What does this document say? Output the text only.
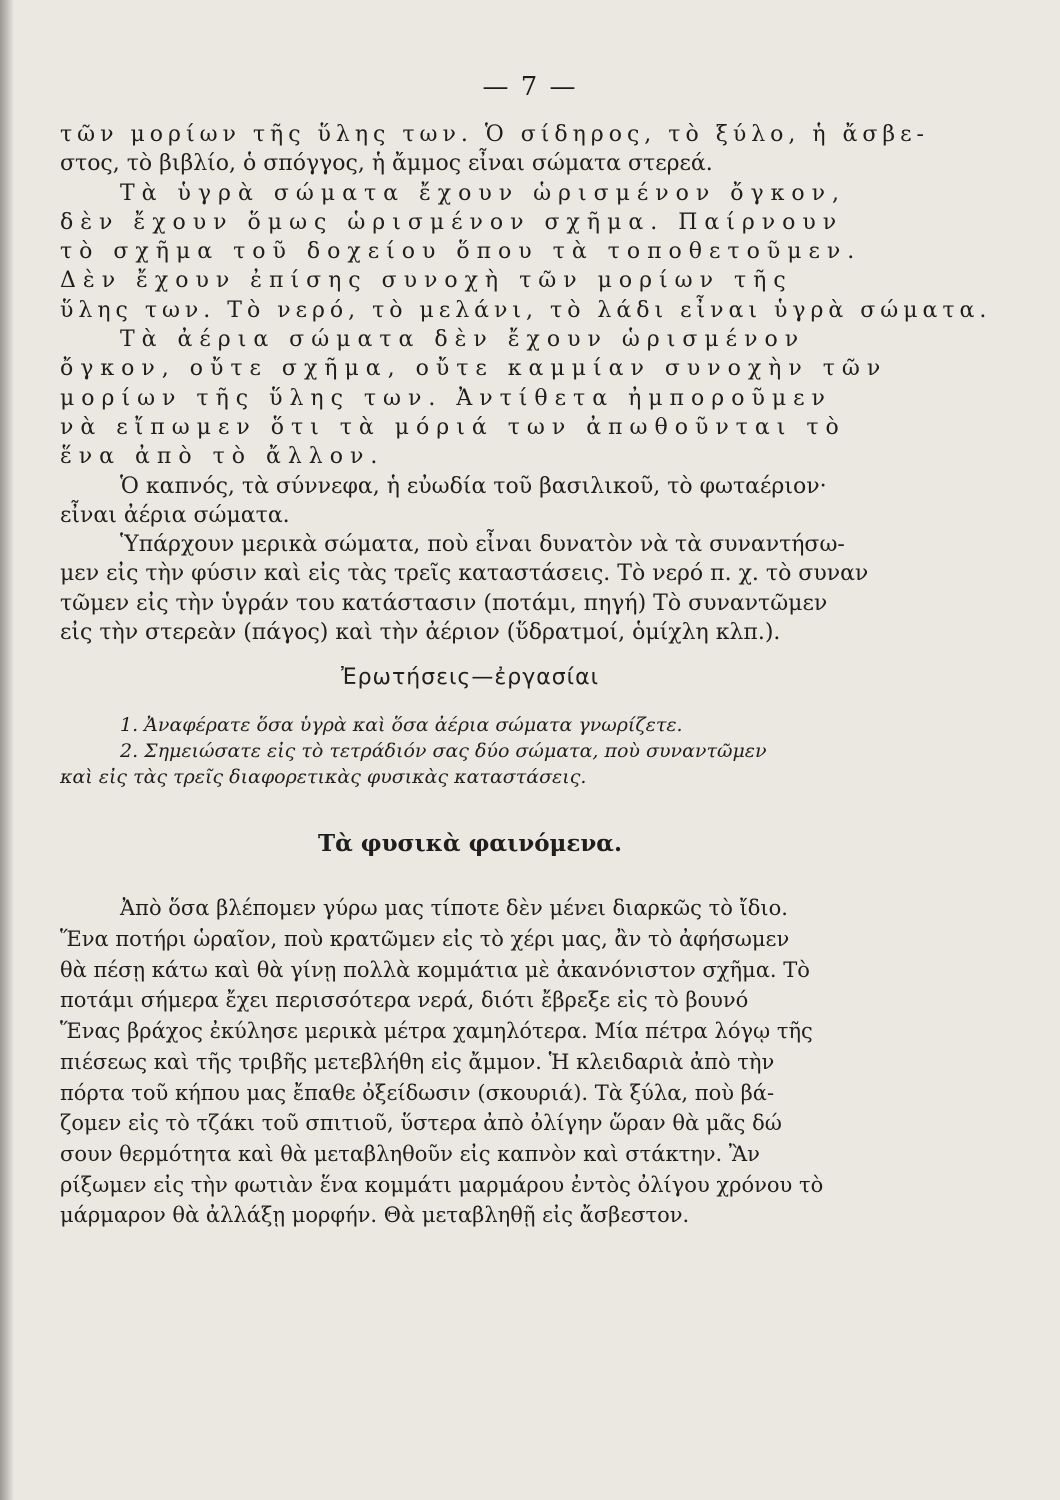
— 7 —
τῶν μορίων τῆς ὕλης των. Ὁ σίδηρος, τὸ ξύλο, ἡ ἄσβε-
στος, τὸ βιβλίο, ὁ σπόγγος, ἡ ἄμμος εἶναι σώματα στερεά.
Τὰ ὑγρὰ σώματα ἔχουν ὡρισμένον ὄγκον,
δὲν ἔχουν ὅμως ὡρισμένον σχῆμα. Παίρνουν
τὸ σχῆμα τοῦ δοχείου ὅπου τὰ τοποθετοῦμεν.
Δὲν ἔχουν ἐπίσης συνοχὴ τῶν μορίων τῆς
ὕλης των. Τὸ νερό, τὸ μελάνι, τὸ λάδι εἶναι ὑγρὰ σώματα.
Τὰ ἀέρια σώματα δὲν ἔχουν ὡρισμένον
ὄγκον, οὔτε σχῆμα, οὔτε καμμίαν συνοχὴν τῶν
μορίων τῆς ὕλης των. Ἀντίθετα ἠμποροῦμεν
νὰ εἴπωμεν ὅτι τὰ μόριά των ἀπωθοῦνται τὸ
ἕνα ἀπὸ τὸ ἄλλον.
Ὁ καπνός, τὰ σύννεφα, ἡ εὐωδία τοῦ βασιλικοῦ, τὸ φωταέριον·
εἶναι ἀέρια σώματα.
Ὑπάρχουν μερικὰ σώματα, ποὺ εἶναι δυνατὸν νὰ τὰ συναντήσω-
μεν εἰς τὴν φύσιν καὶ εἰς τὰς τρεῖς καταστάσεις. Τὸ νερό π. χ. τὸ συναν
τῶμεν εἰς τὴν ὑγράν του κατάστασιν (ποτάμι, πηγή) Τὸ συναντῶμεν
εἰς τὴν στερεὰν (πάγος) καὶ τὴν ἀέριον (ὕδρατμοί, ὁμίχλη κλπ.).
Ἐρωτήσεις—ἐργασίαι
1. Ἀναφέρατε ὅσα ὑγρὰ καὶ ὅσα ἀέρια σώματα γνωρίζετε.
2. Σημειώσατε εἰς τὸ τετράδιόν σας δύο σώματα, ποὺ συναντῶμεν
καὶ εἰς τὰς τρεῖς διαφορετικὰς φυσικὰς καταστάσεις.
Τὰ φυσικὰ φαινόμενα.
Ἀπὸ ὅσα βλέπομεν γύρω μας τίποτε δὲν μένει διαρκῶς τὸ ἴδιο.
Ἕνα ποτήρι ὡραῖον, ποὺ κρατῶμεν εἰς τὸ χέρι μας, ἂν τὸ ἀφήσωμεν
θὰ πέσῃ κάτω καὶ θὰ γίνῃ πολλὰ κομμάτια μὲ ἀκανόνιστον σχῆμα. Τὸ
ποτάμι σήμερα ἔχει περισσότερα νερά, διότι ἔβρεξε εἰς τὸ βουνό
Ἕνας βράχος ἐκύλησε μερικὰ μέτρα χαμηλότερα. Μία πέτρα λόγῳ τῆς
πιέσεως καὶ τῆς τριβῆς μετεβλήθη εἰς ἄμμον. Ἡ κλειδαριὰ ἀπὸ τὴν
πόρτα τοῦ κήπου μας ἔπαθε ὀξείδωσιν (σκουριά). Τὰ ξύλα, ποὺ βά-
ζομεν εἰς τὸ τζάκι τοῦ σπιτιοῦ, ὕστερα ἀπὸ ὀλίγην ὥραν θὰ μᾶς δώ
σουν θερμότητα καὶ θὰ μεταβληθοῦν εἰς καπνὸν καὶ στάκτην. Ἂν
ρίξωμεν εἰς τὴν φωτιὰν ἕνα κομμάτι μαρμάρου ἐντὸς ὀλίγου χρόνου τὸ
μάρμαρον θὰ ἀλλάξῃ μορφήν. Θὰ μεταβληθῇ εἰς ἄσβεστον.
